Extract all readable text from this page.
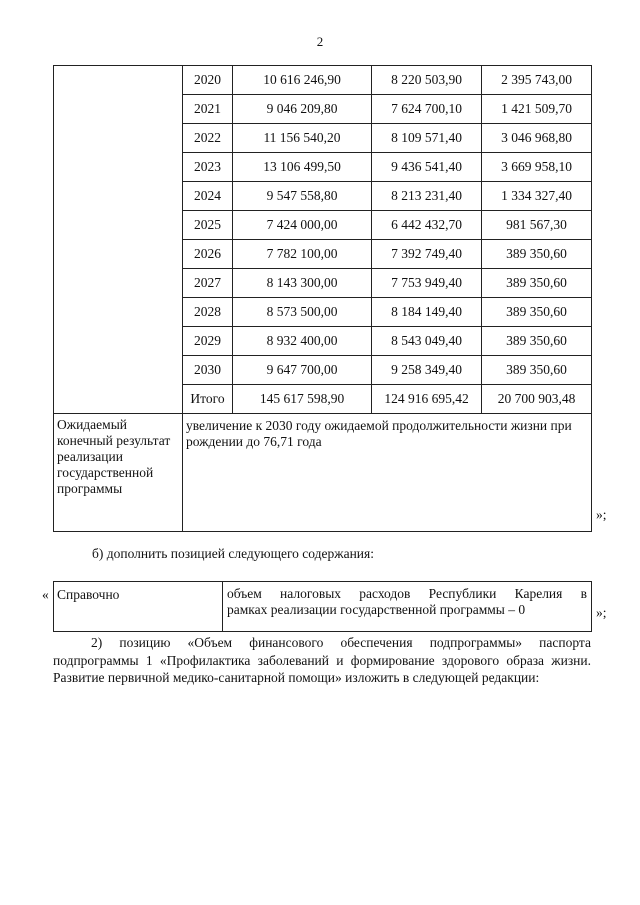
2
	2020	10 616 246,90	8 220 503,90	2 395 743,00
	2021	9 046 209,80	7 624 700,10	1 421 509,70
	2022	11 156 540,20	8 109 571,40	3 046 968,80
	2023	13 106 499,50	9 436 541,40	3 669 958,10
	2024	9 547 558,80	8 213 231,40	1 334 327,40
	2025	7 424 000,00	6 442 432,70	981 567,30
	2026	7 782 100,00	7 392 749,40	389 350,60
	2027	8 143 300,00	7 753 949,40	389 350,60
	2028	8 573 500,00	8 184 149,40	389 350,60
	2029	8 932 400,00	8 543 049,40	389 350,60
	2030	9 647 700,00	9 258 349,40	389 350,60
	Итого	145 617 598,90	124 916 695,42	20 700 903,48
Ожидаемый конечный результат реализации государственной программы	увеличение к 2030 году ожидаемой продолжительности жизни при рождении до 76,71 года			
»;
б) дополнить позицией следующего содержания:
« Справочно	объем налоговых расходов Республики Карелия в
рамках реализации государственной программы – 0	»;
2) позицию «Объем финансового обеспечения подпрограммы» паспорта подпрограммы 1 «Профилактика заболеваний и формирование здорового образа жизни. Развитие первичной медико-санитарной помощи» изложить в следующей редакции:
